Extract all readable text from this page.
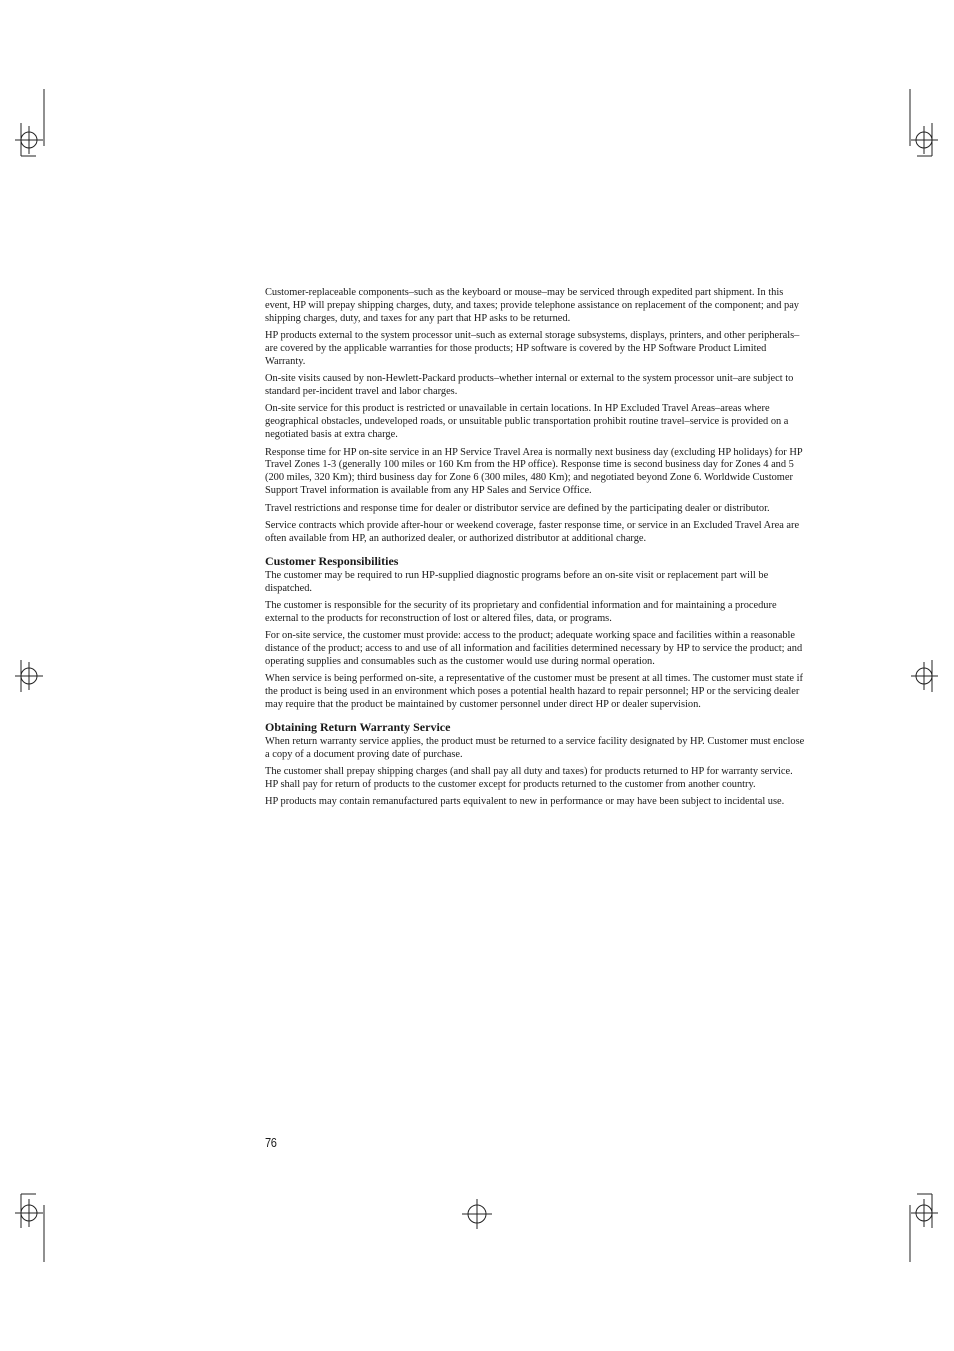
Customer-replaceable components–such as the keyboard or mouse–may be serviced through expedited part shipment. In this event, HP will prepay shipping charges, duty, and taxes; provide telephone assistance on replacement of the component; and pay shipping charges, duty, and taxes for any part that HP asks to be returned.

HP products external to the system processor unit–such as external storage subsystems, displays, printers, and other peripherals–are covered by the applicable warranties for those products; HP software is covered by the HP Software Product Limited Warranty.

On-site visits caused by non-Hewlett-Packard products–whether internal or external to the system processor unit–are subject to standard per-incident travel and labor charges.

On-site service for this product is restricted or unavailable in certain locations. In HP Excluded Travel Areas–areas where geographical obstacles, undeveloped roads, or unsuitable public transportation prohibit routine travel–service is provided on a negotiated basis at extra charge.

Response time for HP on-site service in an HP Service Travel Area is normally next business day (excluding HP holidays) for HP Travel Zones 1-3 (generally 100 miles or 160 Km from the HP office). Response time is second business day for Zones 4 and 5 (200 miles, 320 Km); third business day for Zone 6 (300 miles, 480 Km); and negotiated beyond Zone 6. Worldwide Customer Support Travel information is available from any HP Sales and Service Office.

Travel restrictions and response time for dealer or distributor service are defined by the participating dealer or distributor.

Service contracts which provide after-hour or weekend coverage, faster response time, or service in an Excluded Travel Area are often available from HP, an authorized dealer, or authorized distributor at additional charge.

Customer Responsibilities

The customer may be required to run HP-supplied diagnostic programs before an on-site visit or replacement part will be dispatched.

The customer is responsible for the security of its proprietary and confidential information and for maintaining a procedure external to the products for reconstruction of lost or altered files, data, or programs.

For on-site service, the customer must provide: access to the product; adequate working space and facilities within a reasonable distance of the product; access to and use of all information and facilities determined necessary by HP to service the product; and operating supplies and consumables such as the customer would use during normal operation.

When service is being performed on-site, a representative of the customer must be present at all times. The customer must state if the product is being used in an environment which poses a potential health hazard to repair personnel; HP or the servicing dealer may require that the product be maintained by customer personnel under direct HP or dealer supervision.

Obtaining Return Warranty Service

When return warranty service applies, the product must be returned to a service facility designated by HP. Customer must enclose a copy of a document proving date of purchase.

The customer shall prepay shipping charges (and shall pay all duty and taxes) for products returned to HP for warranty service. HP shall pay for return of products to the customer except for products returned to the customer from another country.

HP products may contain remanufactured parts equivalent to new in performance or may have been subject to incidental use.

76
